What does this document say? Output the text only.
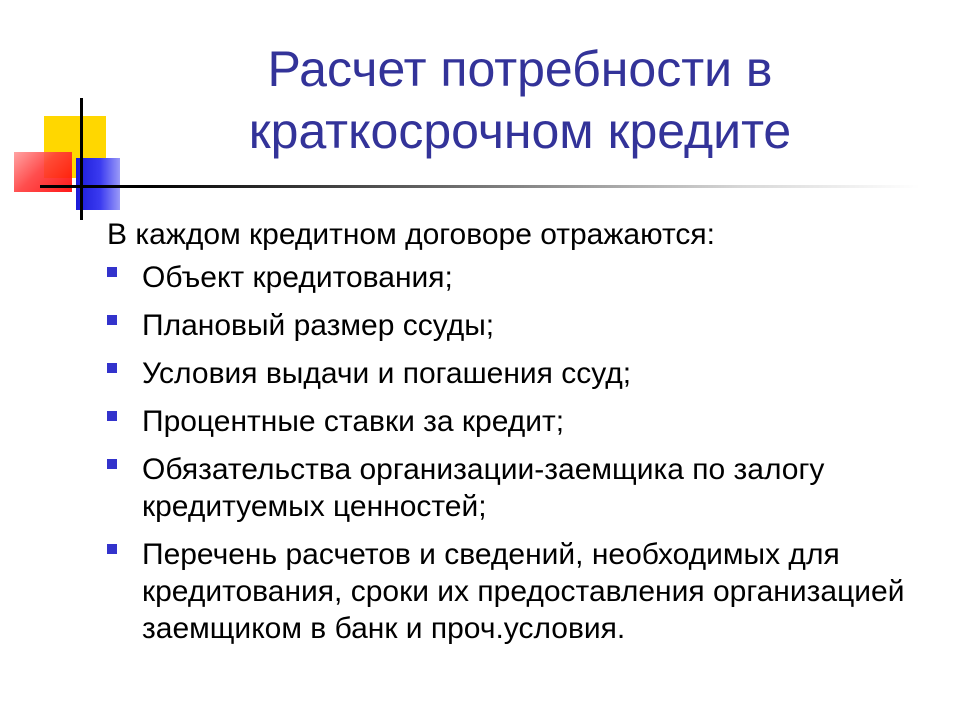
Расчет потребности в
краткосрочном кредите

В каждом кредитном договоре отражаются:

Объект кредитования;
Плановый размер ссуды;
Условия выдачи и погашения ссуд;
Процентные ставки за кредит;
Обязательства организации-заемщика по залогу кредитуемых ценностей;
Перечень расчетов и сведений, необходимых для кредитования, сроки их предоставления организацией заемщиком в банк и проч.условия.
